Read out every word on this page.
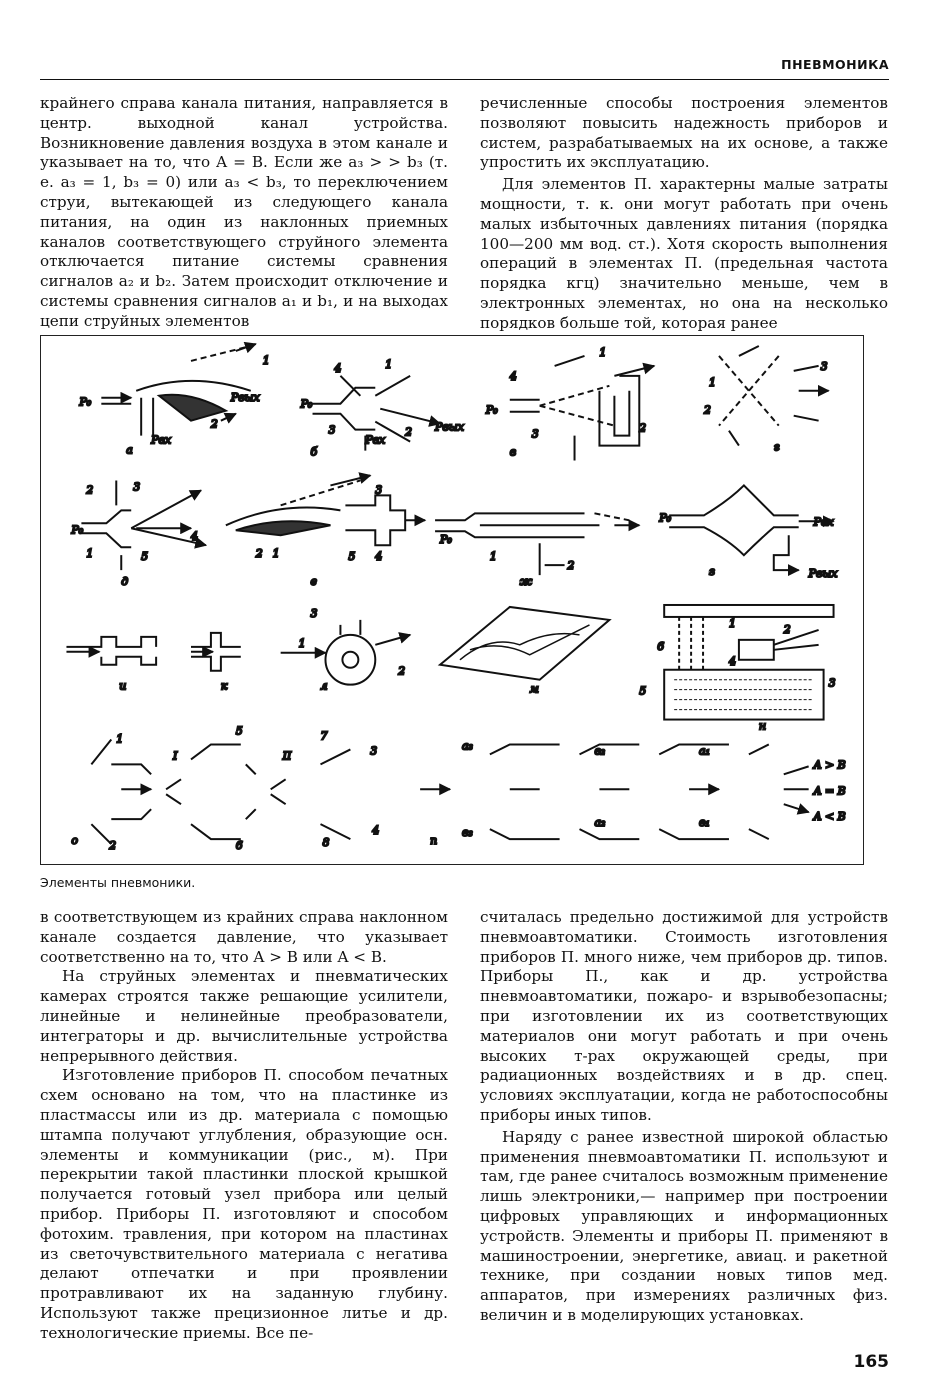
ПНЕВМОНИКА

крайнего справа канала питания, направляется в центр. выходной канал устройства. Возникновение давления воздуха в этом канале и указывает на то, что A = B. Если же a₃ > > b₃ (т. е. a₃ = 1, b₃ = 0) или a₃ < b₃, то переключением струи, вытекающей из следующего канала питания, на один из наклонных приемных каналов соответствующего струйного элемента отключается питание системы сравнения сигналов a₂ и b₂. Затем происходит отключение и системы сравнения сигналов a₁ и b₁, и на выходах цепи струйных элементов

речисленные способы построения элементов позволяют повысить надежность приборов и систем, разрабатываемых на их основе, а также упростить их эксплуатацию.

Для элементов П. характерны малые затраты мощности, т. к. они могут работать при очень малых избыточных давлениях питания (порядка 100—200 мм вод. ст.). Хотя скорость выполнения операций в элементах П. (предельная частота порядка кгц) значительно меньше, чем в электронных элементах, но она на несколько порядков больше той, которая ранее

P₀	Pвых
Pвх
а
1
2
P₀
Pвых
Pвх
б
4	1
3	2
P₀
в
4
1
3	2
г
1
2
3
P₀
д
2	3
1	5
4
е
3
2 1	5 4
P₀
ж
1
2
P₀	Pвх
Pвых
з
и	к	л
3
1
2
м
н
6
5
1	2
4
3
о
1
2
5
6
I	II
7
3
4
8	п
a₃
в₃
в₂
a₂
a₁
в₁
A > B
A = B
A < B
Элементы пневмоники.

в соответствующем из крайних справа наклонном канале создается давление, что указывает соответственно на то, что A > B или A < B.

На струйных элементах и пневматических камерах строятся также решающие усилители, линейные и нелинейные преобразователи, интеграторы и др. вычислительные устройства непрерывного действия.

Изготовление приборов П. способом печатных схем основано на том, что на пластинке из пластмассы или из др. материала с помощью штампа получают углубления, образующие осн. элементы и коммуникации (рис., м). При перекрытии такой пластинки плоской крышкой получается готовый узел прибора или целый прибор. Приборы П. изготовляют и способом фотохим. травления, при котором на пластинах из светочувствительного материала с негатива делают отпечатки и при проявлении протравливают их на заданную глубину. Используют также прецизионное литье и др. технологические приемы. Все пе-

считалась предельно достижимой для устройств пневмоавтоматики. Стоимость изготовления приборов П. много ниже, чем приборов др. типов. Приборы П., как и др. устройства пневмоавтоматики, пожаро- и взрывобезопасны; при изготовлении их из соответствующих материалов они могут работать и при очень высоких т-рах окружающей среды, при радиационных воздействиях и в др. спец. условиях эксплуатации, когда не работоспособны приборы иных типов.

Наряду с ранее известной широкой областью применения пневмоавтоматики П. используют и там, где ранее считалось возможным применение лишь электроники,— например при построении цифровых управляющих и информационных устройств. Элементы и приборы П. применяют в машиностроении, энергетике, авиац. и ракетной технике, при создании новых типов мед. аппаратов, при измерениях различных физ. величин и в моделирующих установках.

165
